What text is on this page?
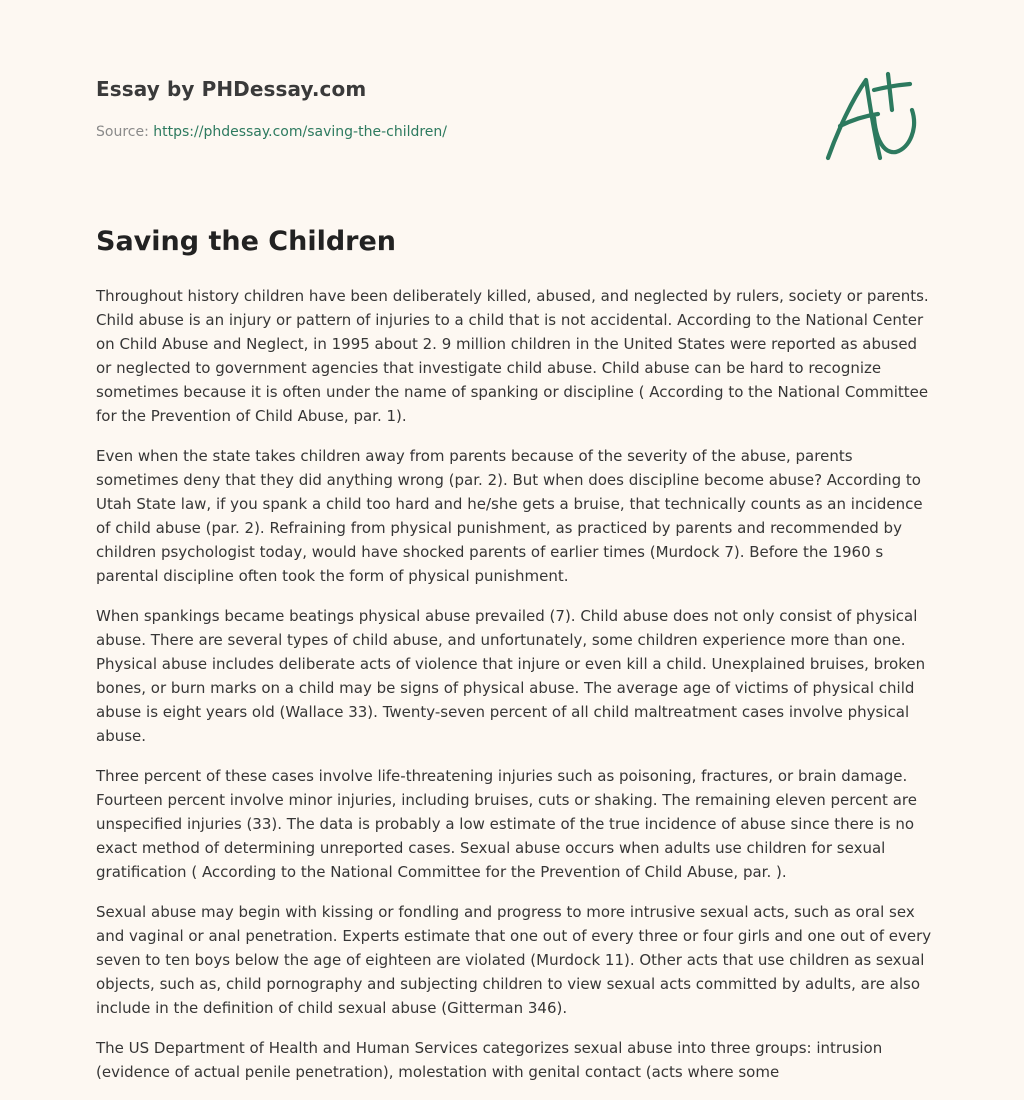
Essay by PHDessay.com
Source: https://phdessay.com/saving-the-children/
Saving the Children

Throughout history children have been deliberately killed, abused, and neglected by rulers, society or parents. Child abuse is an injury or pattern of injuries to a child that is not accidental. According to the National Center on Child Abuse and Neglect, in 1995 about 2. 9 million children in the United States were reported as abused or neglected to government agencies that investigate child abuse. Child abuse can be hard to recognize sometimes because it is often under the name of spanking or discipline ( According to the National Committee for the Prevention of Child Abuse, par. 1).

Even when the state takes children away from parents because of the severity of the abuse, parents sometimes deny that they did anything wrong (par. 2). But when does discipline become abuse? According to Utah State law, if you spank a child too hard and he/she gets a bruise, that technically counts as an incidence of child abuse (par. 2). Refraining from physical punishment, as practiced by parents and recommended by children psychologist today, would have shocked parents of earlier times (Murdock 7). Before the 1960 s parental discipline often took the form of physical punishment.

When spankings became beatings physical abuse prevailed (7). Child abuse does not only consist of physical abuse. There are several types of child abuse, and unfortunately, some children experience more than one. Physical abuse includes deliberate acts of violence that injure or even kill a child. Unexplained bruises, broken bones, or burn marks on a child may be signs of physical abuse. The average age of victims of physical child abuse is eight years old (Wallace 33). Twenty-seven percent of all child maltreatment cases involve physical abuse.

Three percent of these cases involve life-threatening injuries such as poisoning, fractures, or brain damage. Fourteen percent involve minor injuries, including bruises, cuts or shaking. The remaining eleven percent are unspecified injuries (33). The data is probably a low estimate of the true incidence of abuse since there is no exact method of determining unreported cases. Sexual abuse occurs when adults use children for sexual gratification ( According to the National Committee for the Prevention of Child Abuse, par. ).

Sexual abuse may begin with kissing or fondling and progress to more intrusive sexual acts, such as oral sex and vaginal or anal penetration. Experts estimate that one out of every three or four girls and one out of every seven to ten boys below the age of eighteen are violated (Murdock 11). Other acts that use children as sexual objects, such as, child pornography and subjecting children to view sexual acts committed by adults, are also include in the definition of child sexual abuse (Gitterman 346).

The US Department of Health and Human Services categorizes sexual abuse into three groups: intrusion (evidence of actual penile penetration), molestation with genital contact (acts where some
